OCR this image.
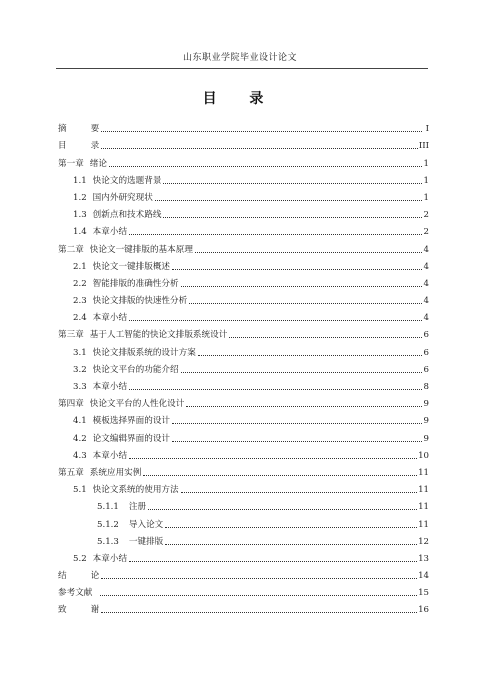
山东职业学院毕业设计论文
目 录
摘	要	I
目	录	III
第一章 绪论	1
1.1 快论文的选题背景	1
1.2 国内外研究现状	1
1.3 创新点和技术路线	2
1.4 本章小结	2
第二章 快论文一键排版的基本原理	4
2.1 快论文一键排版概述	4
2.2 智能排版的准确性分析	4
2.3 快论文排版的快速性分析	4
2.4 本章小结	4
第三章 基于人工智能的快论文排版系统设计	6
3.1 快论文排版系统的设计方案	6
3.2 快论文平台的功能介绍	6
3.3 本章小结	8
第四章 快论文平台的人性化设计	9
4.1 模板选择界面的设计	9
4.2 论文编辑界面的设计	9
4.3 本章小结	10
第五章 系统应用实例	11
5.1 快论文系统的使用方法	11
5.1.1 注册	11
5.1.2 导入论文	11
5.1.3 一键排版	12
5.2 本章小结	13
结	论	14
参考文献	15
致	谢	16
